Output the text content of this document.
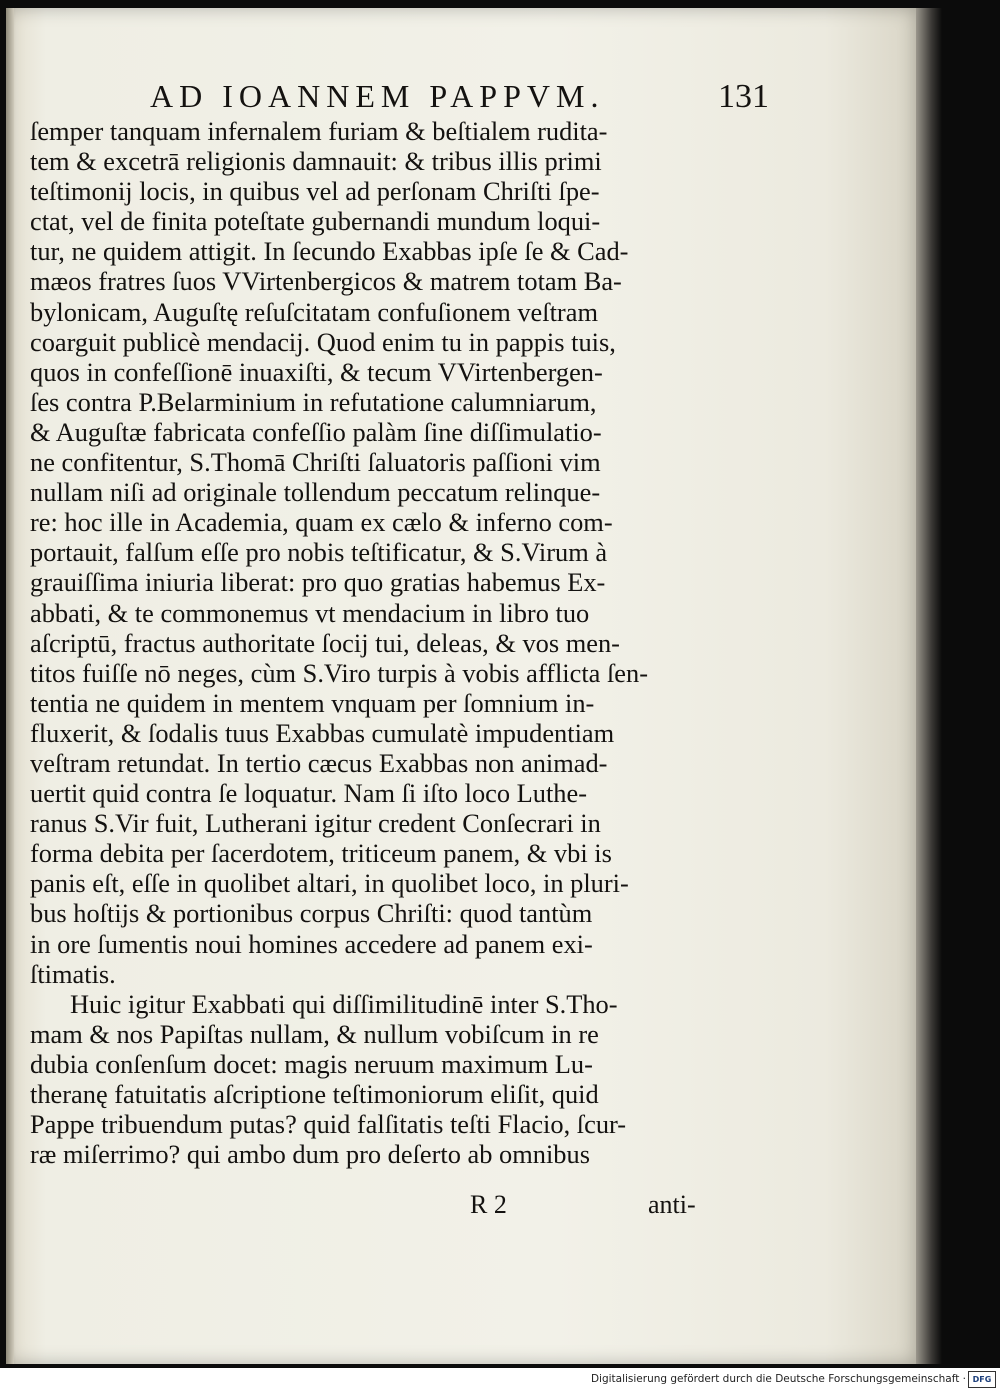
AD IOANNEM PAPPVM.	131
ſemper tanquam infernalem furiam & beſtialem rudita-
tem & excetrā religionis damnauit: & tribus illis primi
teſtimonij locis, in quibus vel ad perſonam Chriſti ſpe-
ctat, vel de finita poteſtate gubernandi mundum loqui-
tur, ne quidem attigit. In ſecundo Exabbas ipſe ſe & Cad-
mæos fratres ſuos VVirtenbergicos & matrem totam Ba-
bylonicam, Auguſtę reſuſcitatam confuſionem veſtram
coarguit publicè mendacij. Quod enim tu in pappis tuis,
quos in confeſſionē inuaxiſti, & tecum VVirtenbergen-
ſes contra P.Belarminium in refutatione calumniarum,
& Auguſtæ fabricata confeſſio palàm ſine diſſimulatio-
ne confitentur, S.Thomā Chriſti ſaluatoris paſſioni vim
nullam niſi ad originale tollendum peccatum relinque-
re: hoc ille in Academia, quam ex cælo & inferno com-
portauit, falſum eſſe pro nobis teſtificatur, & S.Virum à
grauiſſima iniuria liberat: pro quo gratias habemus Ex-
abbati, & te commonemus vt mendacium in libro tuo
aſcriptū, fractus authoritate ſocij tui, deleas, & vos men-
titos fuiſſe nō neges, cùm S.Viro turpis à vobis afflicta ſen-
tentia ne quidem in mentem vnquam per ſomnium in-
fluxerit, & ſodalis tuus Exabbas cumulatè impudentiam
veſtram retundat. In tertio cæcus Exabbas non animad-
uertit quid contra ſe loquatur. Nam ſi iſto loco Luthe-
ranus S.Vir fuit, Lutherani igitur credent Conſecrari in
forma debita per ſacerdotem, triticeum panem, & vbi is
panis eſt, eſſe in quolibet altari, in quolibet loco, in pluri-
bus hoſtijs & portionibus corpus Chriſti: quod tantùm
in ore ſumentis noui homines accedere ad panem exi-
ſtimatis.
Huic igitur Exabbati qui diſſimilitudinē inter S.Tho-
mam & nos Papiſtas nullam, & nullum vobiſcum in re
dubia conſenſum docet: magis neruum maximum Lu-
theranę fatuitatis aſcriptione teſtimoniorum eliſit, quid
Pappe tribuendum putas? quid falſitatis teſti Flacio, ſcur-
ræ miſerrimo? qui ambo dum pro deſerto ab omnibus
R 2	anti-
Digitalisierung gefördert durch die Deutsche Forschungsgemeinschaft · DFG
